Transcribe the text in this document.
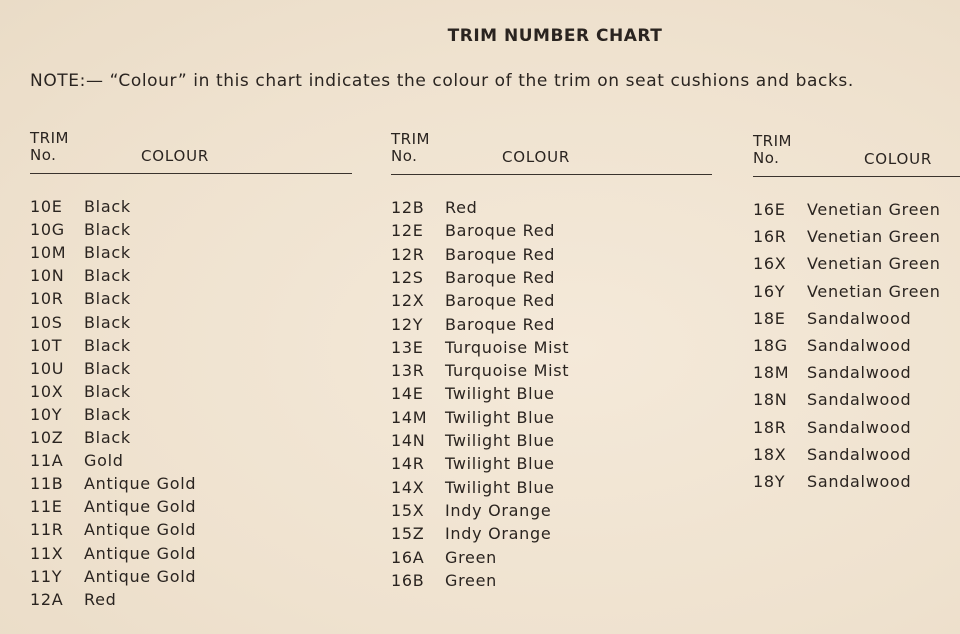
TRIM NUMBER CHART

NOTE:— “Colour” in this chart indicates the colour of the trim on seat cushions and backs.

TRIM
No.	COLOUR
10E Black
10G Black
10M Black
10N Black
10R Black
10S Black
10T Black
10U Black
10X Black
10Y Black
10Z Black
11A Gold
11B Antique Gold
11E Antique Gold
11R Antique Gold
11X Antique Gold
11Y Antique Gold
12A Red
TRIM
No.	COLOUR
12B Red
12E Baroque Red
12R Baroque Red
12S Baroque Red
12X Baroque Red
12Y Baroque Red
13E Turquoise Mist
13R Turquoise Mist
14E Twilight Blue
14M Twilight Blue
14N Twilight Blue
14R Twilight Blue
14X Twilight Blue
15X Indy Orange
15Z Indy Orange
16A Green
16B Green
TRIM
No.	COLOUR
16E Venetian Green
16R Venetian Green
16X Venetian Green
16Y Venetian Green
18E Sandalwood
18G Sandalwood
18M Sandalwood
18N Sandalwood
18R Sandalwood
18X Sandalwood
18Y Sandalwood
